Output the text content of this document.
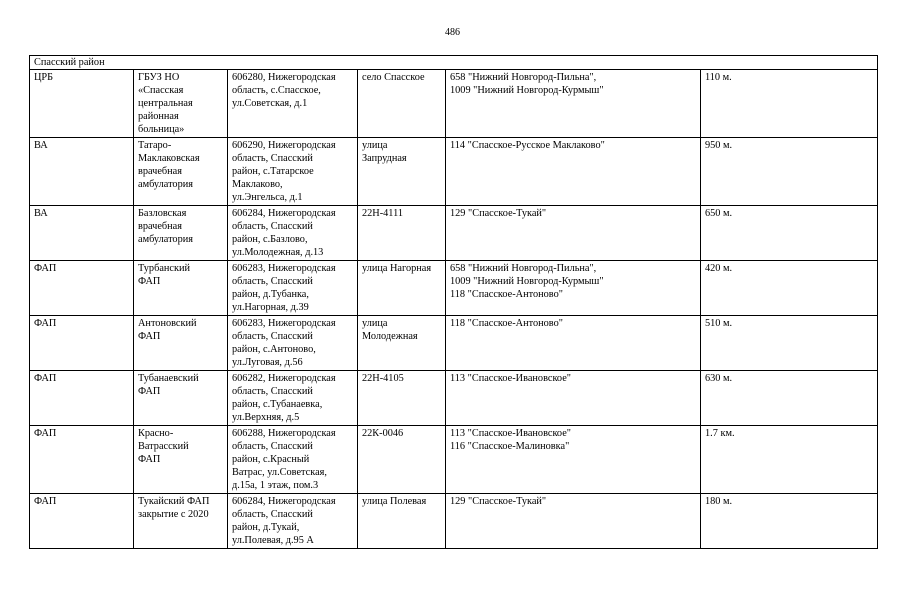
486
Спасский район					
ЦРБ	ГБУЗ НО
«Спасская
центральная
районная
больница»	606280, Нижегородская
область, с.Спасское,
ул.Советская, д.1	село Спасское	658 "Нижний Новгород-Пильна",
1009 "Нижний Новгород-Курмыш"	110 м.
ВА	Татаро-
Маклаковская
врачебная
амбулатория	606290, Нижегородская
область, Спасский
район, с.Татарское
Маклаково,
ул.Энгельса, д.1	улица
Запрудная	114 "Спасское-Русское Маклаково"	950 м.
ВА	Базловская
врачебная
амбулатория	606284, Нижегородская
область, Спасский
район, с.Базлово,
ул.Молодежная, д.13	22Н-4111	129 "Спасское-Тукай"	650 м.
ФАП	Турбанский
ФАП	606283, Нижегородская
область, Спасский
район, д.Тубанка,
ул.Нагорная, д.39	улица Нагорная	658 "Нижний Новгород-Пильна",
1009 "Нижний Новгород-Курмыш"
118 "Спасское-Антоново"	420 м.
ФАП	Антоновский
ФАП	606283, Нижегородская
область, Спасский
район, с.Антоново,
ул.Луговая, д.56	улица
Молодежная	118 "Спасское-Антоново"	510 м.
ФАП	Тубанаевский
ФАП	606282, Нижегородская
область, Спасский
район, с.Тубанаевка,
ул.Верхняя, д.5	22Н-4105	113 "Спасское-Ивановское"	630 м.
ФАП	Красно-
Ватрасский
ФАП	606288, Нижегородская
область, Спасский
район, с.Красный
Ватрас, ул.Советская,
д.15а, 1 этаж, пом.3	22К-0046	113 "Спасское-Ивановское"
116 "Спасское-Малиновка"	1.7 км.
ФАП	Тукайский ФАП
закрытие с 2020	606284, Нижегородская
область, Спасский
район, д.Тукай,
ул.Полевая, д.95 А	улица Полевая	129 "Спасское-Тукай"	180 м.
